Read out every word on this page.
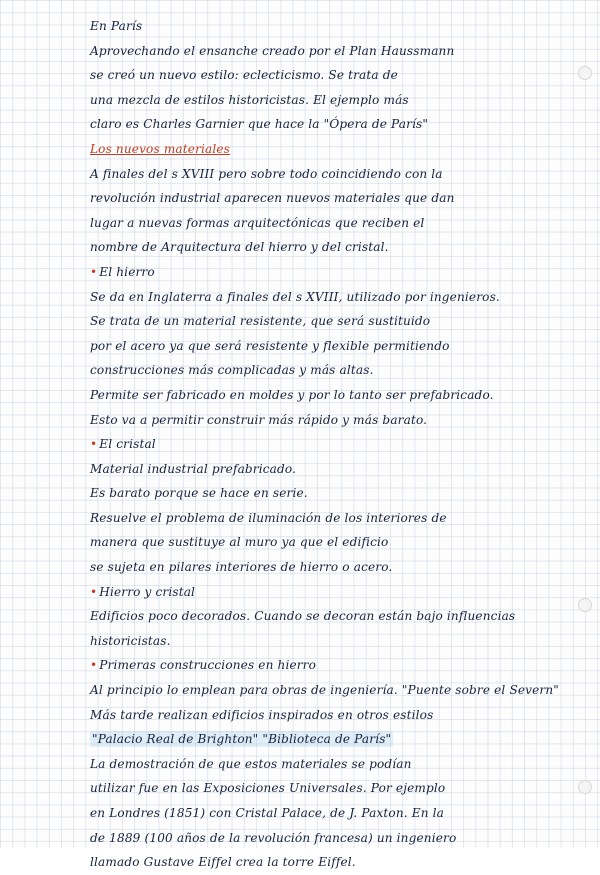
En París
Aprovechando el ensanche creado por el Plan Haussmann
se creó un nuevo estilo: eclecticismo. Se trata de
una mezcla de estilos historicistas. El ejemplo más
claro es Charles Garnier que hace la "Ópera de París"
Los nuevos materiales
A finales del s XVIII pero sobre todo coincidiendo con la
revolución industrial aparecen nuevos materiales que dan
lugar a nuevas formas arquitectónicas que reciben el
nombre de Arquitectura del hierro y del cristal.
• El hierro
Se da en Inglaterra a finales del s XVIII, utilizado por ingenieros.
Se trata de un material resistente, que será sustituido
por el acero ya que será resistente y flexible permitiendo
construcciones más complicadas y más altas.
Permite ser fabricado en moldes y por lo tanto ser prefabricado.
Esto va a permitir construir más rápido y más barato.
• El cristal
Material industrial prefabricado.
Es barato porque se hace en serie.
Resuelve el problema de iluminación de los interiores de
manera que sustituye al muro ya que el edificio
se sujeta en pilares interiores de hierro o acero.
• Hierro y cristal
Edificios poco decorados. Cuando se decoran están bajo influencias
historicistas.
• Primeras construcciones en hierro
Al principio lo emplean para obras de ingeniería. "Puente sobre el Severn"
Más tarde realizan edificios inspirados en otros estilos
"Palacio Real de Brighton" "Biblioteca de París"
La demostración de que estos materiales se podían
utilizar fue en las Exposiciones Universales. Por ejemplo
en Londres (1851) con Cristal Palace, de J. Paxton. En la
de 1889 (100 años de la revolución francesa) un ingeniero
llamado Gustave Eiffel crea la torre Eiffel.
